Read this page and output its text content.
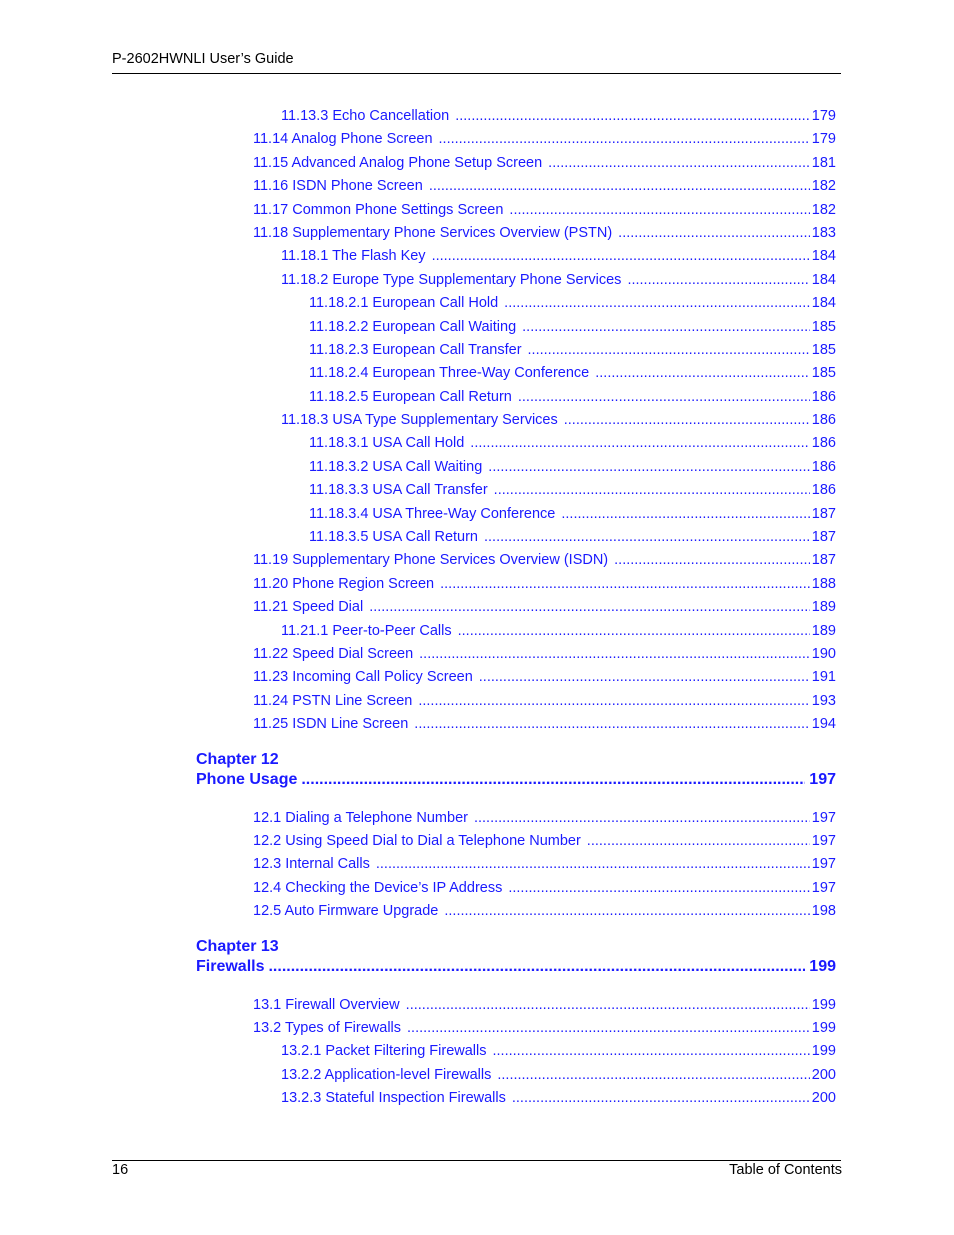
P-2602HWNLI User’s Guide
11.13.3 Echo Cancellation .....	179
11.14 Analog Phone Screen .....	179
11.15 Advanced Analog Phone Setup Screen .....	181
11.16 ISDN Phone Screen .....	182
11.17 Common Phone Settings Screen .....	182
11.18 Supplementary Phone Services Overview (PSTN) .....	183
11.18.1 The Flash Key .....	184
11.18.2 Europe Type Supplementary Phone Services .....	184
11.18.2.1 European Call Hold .....	184
11.18.2.2 European Call Waiting .....	185
11.18.2.3 European Call Transfer .....	185
11.18.2.4 European Three-Way Conference .....	185
11.18.2.5 European Call Return .....	186
11.18.3 USA Type Supplementary Services .....	186
11.18.3.1 USA Call Hold .....	186
11.18.3.2 USA Call Waiting .....	186
11.18.3.3 USA Call Transfer .....	186
11.18.3.4 USA Three-Way Conference .....	187
11.18.3.5 USA Call Return .....	187
11.19 Supplementary Phone Services Overview (ISDN) .....	187
11.20 Phone Region Screen .....	188
11.21 Speed Dial .....	189
11.21.1 Peer-to-Peer Calls .....	189
11.22 Speed Dial Screen .....	190
11.23 Incoming Call Policy Screen .....	191
11.24 PSTN Line Screen .....	193
11.25 ISDN Line Screen .....	194
Chapter 12
Phone Usage .....	197
12.1 Dialing a Telephone Number .....	197
12.2 Using Speed Dial to Dial a Telephone Number .....	197
12.3 Internal Calls .....	197
12.4 Checking the Device’s IP Address .....	197
12.5 Auto Firmware Upgrade .....	198
Chapter 13
Firewalls .....	199
13.1 Firewall Overview .....	199
13.2 Types of Firewalls .....	199
13.2.1 Packet Filtering Firewalls .....	199
13.2.2 Application-level Firewalls .....	200
13.2.3 Stateful Inspection Firewalls .....	200
16	Table of Contents
